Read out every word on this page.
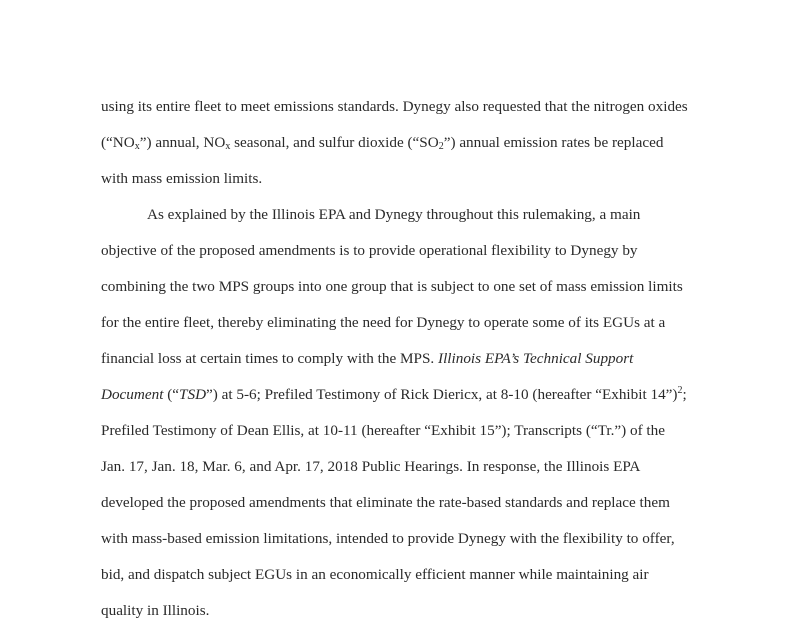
using its entire fleet to meet emissions standards. Dynegy also requested that the nitrogen oxides
$(“NO_x”)$ annual, $NO_x$ seasonal, and sulfur dioxide $(“SO_2”)$ annual emission rates be replaced
with mass emission limits.
As explained by the Illinois EPA and Dynegy throughout this rulemaking, a main
objective of the proposed amendments is to provide operational flexibility to Dynegy by
combining the two MPS groups into one group that is subject to one set of mass emission limits
for the entire fleet, thereby eliminating the need for Dynegy to operate some of its EGUs at a
financial loss at certain times to comply with the MPS. Illinois EPA’s Technical Support
Document (“TSD”) at 5-6; Prefiled Testimony of Rick Diericx, at 8-10 (hereafter “Exhibit 14”)$^2$;
Prefiled Testimony of Dean Ellis, at 10-11 (hereafter “Exhibit 15”); Transcripts (“Tr.”) of the
Jan. 17, Jan. 18, Mar. 6, and Apr. 17, 2018 Public Hearings. In response, the Illinois EPA
developed the proposed amendments that eliminate the rate-based standards and replace them
with mass-based emission limitations, intended to provide Dynegy with the flexibility to offer,
bid, and dispatch subject EGUs in an economically efficient manner while maintaining air
quality in Illinois.
